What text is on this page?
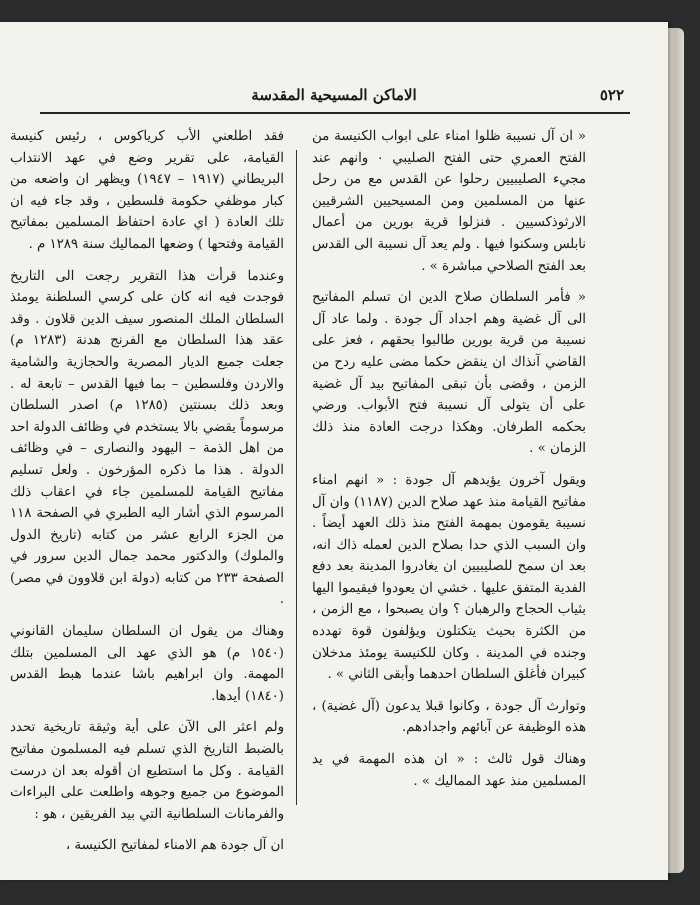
٥٢٢
الاماكن المسيحية المقدسة

« ان آل نسيبة ظلوا امناء على ابواب الكنيسة من الفتح العمري حتى الفتح الصليبي ٠ وانهم عند مجيء الصليبيين رحلوا عن القدس مع من رحل عنها من المسلمين ومن المسيحيين الشرقيين الارثوذكسيين . فنزلوا قرية بورين من أعمال نابلس وسكنوا فيها . ولم يعد آل نسيبة الى القدس بعد الفتح الصلاحي مباشرة » .

« فأمر السلطان صلاح الدين ان تسلم المفاتيح الى آل غضية وهم اجداد آل جودة . ولما عاد آل نسيبة من قرية بورين طالبوا بحقهم ، فعز على القاضي آنذاك ان ينقض حكما مضى عليه ردح من الزمن ، وقضى بأن تبقى المفاتيح بيد آل غضية على أن يتولى آل نسيبة فتح الأبواب. ورضي بحكمه الطرفان. وهكذا درجت العادة منذ ذلك الزمان » .

ويقول آخرون يؤيدهم آل جودة : « انهم امناء مفاتيح القيامة منذ عهد صلاح الدين (١١٨٧) وان آل نسيبة يقومون بمهمة الفتح منذ ذلك العهد أيضاً . وان السبب الذي حدا بصلاح الدين لعمله ذاك انه، بعد ان سمح للصليبيين ان يغادروا المدينة بعد دفع الفدية المتفق عليها . خشي ان يعودوا فيقيموا اليها بثياب الحجاج والرهبان ؟ وان يصبحوا ، مع الزمن ، من الكثرة بحيث يتكتلون ويؤلفون قوة تهدده وجنده في المدينة . وكان للكنيسة يومئذ مدخلان كبيران فأغلق السلطان احدهما وأبقى الثاني » .

وتوارث آل جودة ، وكانوا قبلا يدعون (آل غضية) ، هذه الوظيفة عن آبائهم واجدادهم.

وهناك قول ثالث : « ان هذه المهمة في يد المسلمين منذ عهد المماليك » .

فقد اطلعني الأب كرياكوس ، رئيس كنيسة القيامة، على تقرير وضع في عهد الانتداب البريطاني (١٩١٧ – ١٩٤٧) ويظهر ان واضعه من كبار موظفي حكومة فلسطين ، وقد جاء فيه ان تلك العادة ( اي عادة احتفاظ المسلمين بمفاتيح القيامة وفتحها ) وضعها المماليك سنة ١٢٨٩ م .

وعندما قرأت هذا التقرير رجعت الى التاريخ فوجدت فيه انه كان على كرسي السلطنة يومئذ السلطان الملك المنصور سيف الدين قلاون . وقد عقد هذا السلطان مع الفرنج هدنة (١٢٨٣ م) جعلت جميع الديار المصرية والحجازية والشامية والاردن وفلسطين – بما فيها القدس – تابعة له . وبعد ذلك بسنتين (١٢٨٥ م) اصدر السلطان مرسوماً يقضي بالا يستخدم في وظائف الدولة احد من اهل الذمة – اليهود والنصارى – في وظائف الدولة . هذا ما ذكره المؤرخون . ولعل تسليم مفاتيح القيامة للمسلمين جاء في اعقاب ذلك المرسوم الذي أشار اليه الطبري في الصفحة ١١٨ من الجزء الرابع عشر من كتابه (تاريخ الدول والملوك) والدكتور محمد جمال الدين سرور في الصفحة ٢٣٣ من كتابه (دولة ابن قلاوون في مصر) .

وهناك من يقول ان السلطان سليمان القانوني (١٥٤٠ م) هو الذي عهد الى المسلمين بتلك المهمة. وان ابراهيم باشا عندما هبط القدس (١٨٤٠) أيدها.

ولم اعثر الى الآن على أية وثيقة تاريخية تحدد بالضبط التاريخ الذي تسلم فيه المسلمون مفاتيح القيامة . وكل ما استطيع ان أقوله بعد ان درست الموضوع من جميع وجوهه واطلعت على البراءات والفرمانات السلطانية التي بيد الفريقين ، هو :

ان آل جودة هم الامناء لمفاتيح الكنيسة ،
